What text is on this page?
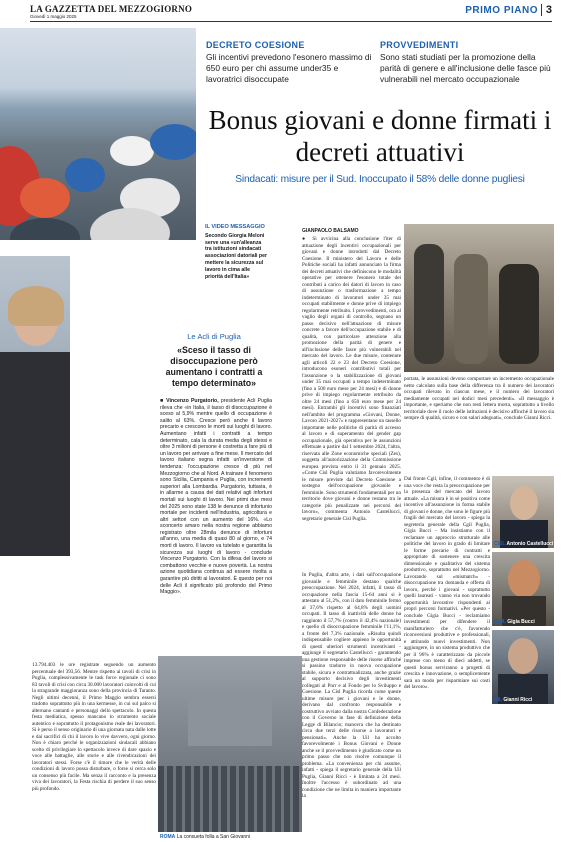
LA GAZZETTA DEL MEZZOGIORNO
Giovedì 1 maggio 2025
PRIMO PIANO 3
DECRETO COESIONE
Gli incentivi prevedono l'esonero massimo di 650 euro per chi assume under35 e lavoratrici disoccupate
PROVVEDIMENTI
Sono stati studiati per la promozione della parità di genere e all'inclusione delle fasce più vulnerabili nel mercato occupazionale
Bonus giovani e donne firmati i decreti attuativi
Sindacati: misure per il Sud. Inoccupato il 58% delle donne pugliesi
IL VIDEO MESSAGGIO
Secondo Giorgia Meloni serve una «un'alleanza tra istituzioni sindacati associazioni datoriali per mettere la sicurezza sul lavoro in cima alle priorità dell'Italia»
GIANPAOLO BALSAMO
● Si avvicina alla conclusione l'iter di attuazione degli incentivi occupazionali per giovani e donne introdotti dal Decreto Coesione. Il ministero del Lavoro e delle Politiche sociali ha infatti annunciato la firma dei decreti attuativi che definiscono le modalità operative per ottenere l'esonero totale dei contributi a carico dei datori di lavoro in caso di assunzione o trasformazione a tempo indeterminato di lavoratori under 35 mai occupati stabilmente e donne prive di impiego regolarmente retribuito. I provvedimenti, ora al vaglio degli organi di controllo, segnano un passo decisivo nell'attuazione di misure concrete a favore dell'occupazione stabile e di qualità, con particolare attenzione alla promozione della parità di genere e all'inclusione delle fasce più vulnerabili nel mercato del lavoro. Le due misure, contenute agli articoli 22 e 23 del Decreto Coesione, introducono esoneri contributivi totali per l'assunzione o la stabilizzazione di giovani under 35 mai occupati a tempo indeterminato (fino a 500 euro mese per 24 mesi) e di donne prive di impiego regolarmente retribuito da oltre 24 mesi (fino a 650 euro mese per 24 mesi). Entrambi gli incentivi sono finanziati nell'ambito del programma «Giovani, Donne, Lavoro 2021-2027» e rappresentano un tassello importante nelle politiche di parità di accesso al lavoro e di superamento del gender gap occupazionale, già operativa per le assunzioni effettuate a partire dal 1 settembre 2024, l'altra, riservata alle Zone economiche speciali (Zes), soggetta all'autorizzazione della Commissione europea prevista entro il 31 gennaio 2025. «Come Cisl Puglia valutiamo favorevolmente le misure previste dal Decreto Coesione a sostegno dell'occupazione giovanile e femminile. Sono strumenti fondamentali per un territorio dove giovani e donne restano tra le categorie più penalizzate nei percorsi del lavoro», commenta Antonio Castellucci, segretario generale Cisl Puglia.
In Puglia, d'altra arte, i dati sull'occupazione giovanile e femminile destano qualche preoccupazione. Nel 2024, infatti, il tasso di occupazione nella fascia 15-64 anni si è attestato al 51,2%, con il dato femminile fermo al 37,6% rispetto al 64,8% degli uomini occupati. Il tasso di inattività delle donne ha raggiunto il 57,7% (contro il 42,4% nazionale) e quello di disoccupazione femminile l'11,1%, a fronte del 7,3% nazionale. «Risulta quindi indispensabile cogliere appieno le opportunità di questi ulteriori strumenti incentivanti - aggiunge il segretario Castellucci - garantendo una gestione responsabile delle risorse affinché si passino tradurre in nuova occupazione stabile, sicura e contrattualizzata, anche grazie al supporto decisivo degli investimenti collegati al Pnrr e al Fondo per lo Sviluppo e Coesione. La Cisl Puglia ricorda come queste ultime misure per i giovani e le donne, derivano dal confronto responsabile e costruttivo avviato dalla nostra Confederazione con il Governo in fase di definizione della Legge di Bilancio; manovra che ha destinato circa due terzi delle risorse a lavoratori e pensionati». Anche la Uil ha accolto favorevolmente i Bonus Giovani e Donne anche se il provvedimento è giudicato come un primo passo che non risolve comunque il problema. «La convenienza per chi assume, infatti - spiega il segretario generale della Uil Puglia, Gianni Ricci - è limitata a 24 mesi. Inoltre l'accesso è subordinato ad una condizione che ne limita in maniera importante la
portata, le assunzioni devono comportare un incremento occupazionale netto calcolato sulla base della differenza tra il numero dei lavoratori occupati rilevato in ciascun mese, e il numero dei lavoratori mediamente occupati nei dodici mesi precedenti». «Il messaggio è importante, e speriamo che non resti lettera morta, soprattutto a livello territoriale dove il ruolo delle istituzioni è decisivo affinché il lavoro sia sempre di qualità, sicuro e con salari adeguati», conclude Gianni Ricci.
Dal fronte Cgil, infine, il commento è di una voce che resta la preoccupazione per la presenza del mercato del lavoro attuale. «La misura è in sé positiva come incentivo all'assunzione in forma stabile di giovani e donne, che sono le figure più fragili del mercato del lavoro - spiega la segreteria generale della Cgil Puglia, Gigia Bucci - Ma insistiamo con il reclamare un approccio strutturale alle politiche del lavoro in grado di limitare le forme precarie di contratti e appropriate di sostenere una crescita dimensionale e qualitativa del sistema produttivo, soprattutto nel Mezzogiorno. Lavorando sul «mismatch» - disoccupazione tra domanda e offerta di lavoro, perché i giovani - soprattutto quelli laureati - vanno via non trovando opportunità lavorative rispondenti ai propri percorsi formativi. «Per questo - conclude Gigia Bucci - reclamiamo investimenti per difendere il manifatturiero che c'è, favorendo riconversioni produttive e professionali, e attirando nuovi investimenti. Non aggiungere, in un sistema produttivo che per il 96% è caratterizzato da piccole imprese con meno di dieci addetti, se questi bonus serviranno a progetti di crescita e innovazione, o semplicemente sarà un modo per risparmiare sui costi del lavoro».
Le Acli di Puglia
«Sceso il tasso di disoccupazione però aumentano i contratti a tempo determinato»
■ Vincenzo Purgatorio, presidente Acli Puglia rileva che «in Italia, il tasso di disoccupazione è sceso al 5,9% mentre quello di occupazione è salito al 63%. Cresce però anche il lavoro precario e crescono le morti sui luoghi di lavoro. Aumentano infatti i contratti a tempo determinato, cala la durata media degli stessi e oltre 3 milioni di persone è costretta a fare più di un lavoro per arrivare a fine mese. Il mercato del lavoro italiano segna infatti un'inversione di tendenza: l'occupazione cresce di più nel Mezzogiorno che al Nord. A trainare il fenomeno sono Sicilia, Campania e Puglia, con incrementi superiori alla Lombardia. Purgatorio, tuttavia, è in allarme a causa dei dati relativi agli infortuni mortali sui luoghi di lavoro. Nei primi due mesi del 2025 sono state 138 le denunce di infortunio mortale per incidenti nell'industria, agricoltura e altri settori con un aumento del 16%. «Lo sconcerto amaro nella nostra regione abbiamo registrato oltre 28mila denunce di infortuni all'anno, una media di quasi 80 al giorno, e 74 morti di lavoro. Il lavoro va tutelato e garantita la sicurezza sui luoghi di lavoro - conclude Vincenzo Purgatorio. Con la difesa del lavoro si combattono vecchie e nuove povertà. La nostra azione quotidiana continua ad essere rivolta a garantire più diritti ai lavoratori. È questo per noi delle Acli il significato più profondo del Primo Maggio».
13.794.403 le ore registrate seguendo un aumento percentuale del 393,56. Mentre rispetto ai tavoli di crisi in Puglia, complessivamente le task force regionale ci sono 83 tavoli di crisi con circa 30.000 lavoratori coinvolti di cui la stragrande maggioranza sono della provincia di Taranto. Negli ultimi decenni, il Primo Maggio sembra essersi tradotto soprattutto più in una kermesse, in cui sul palco si alternano cantanti e personaggi dello spettacolo. In questa festa mediatica, spesso mancano lo strumento sociale autentico e soprattutto il protagonismo reale dei lavoratori. Si è perso il senso originario di una giornata nata dalle lotte e dai sacrifici di chi il lavoro lo vive davvero, ogni giorno. Non è chiaro perché le organizzazioni sindacali abbiano scelto di privilegiare lo spettacolo invece di dare spazio e voce alle battaglie, alle storie e alle rivendicazioni dei lavoratori stessi. Forse c'è il timore che le verità delle condizioni di lavoro possa disturbare, o forse si cerca solo un consenso più facile. Ma senza il racconto e la presenza viva dei lavoratori, la Festa rischia di perdere il suo senso più profondo.
CISL Antonio Castellucci
CGIL Gigia Bucci
UIL Gianni Ricci
ROMA La consueta folla a San Giovanni
